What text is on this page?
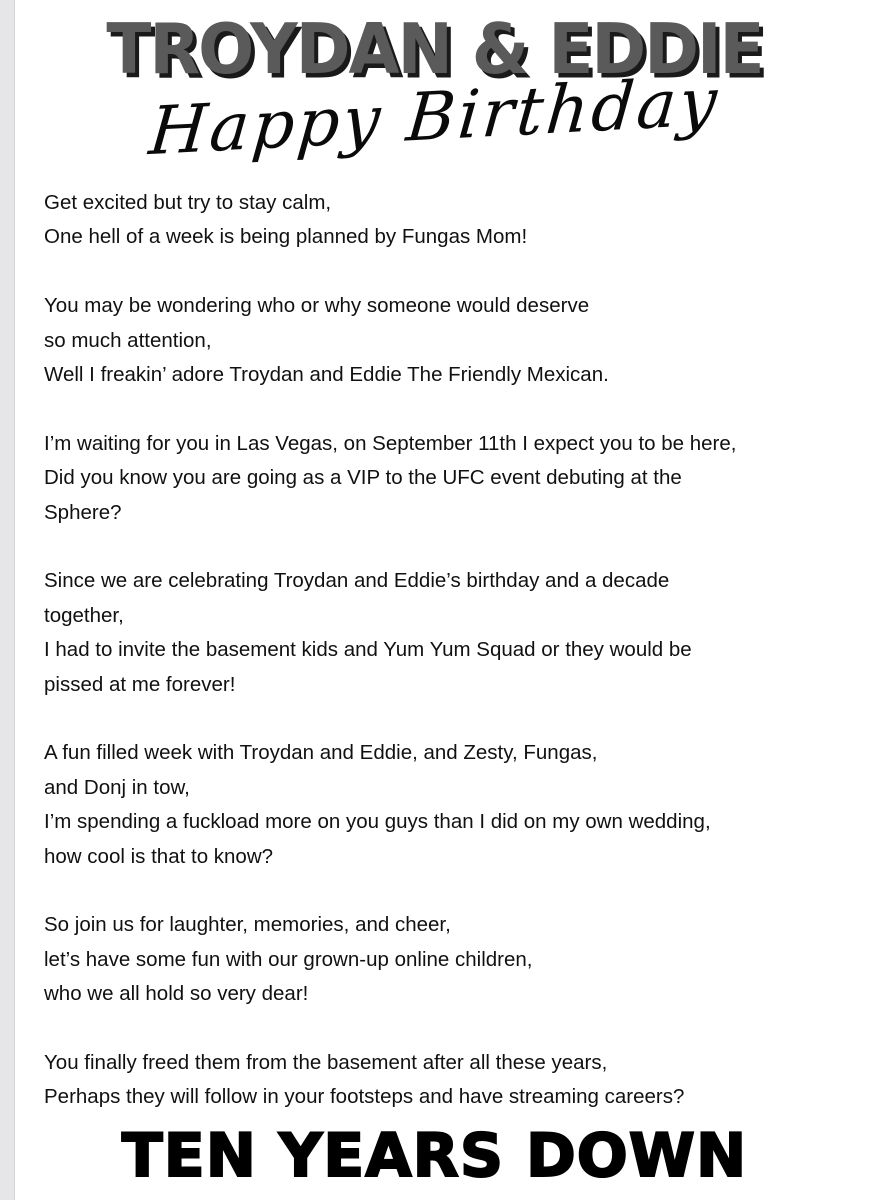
TROYDAN & EDDIE
Happy Birthday
Get excited but try to stay calm,
One hell of a week is being planned by Fungas Mom!
You may be wondering who or why someone would deserve
so much attention,
Well I freakin’ adore Troydan and Eddie The Friendly Mexican.
I’m waiting for you in Las Vegas, on September 11th I expect you to be here,
Did you know you are going as a VIP to the UFC event debuting at the
Sphere?
Since we are celebrating Troydan and Eddie’s birthday and a decade
together,
I had to invite the basement kids and Yum Yum Squad or they would be
pissed at me forever!
A fun filled week with Troydan and Eddie, and Zesty, Fungas,
and Donj in tow,
I’m spending a fuckload more on you guys than I did on my own wedding,
how cool is that to know?
So join us for laughter, memories, and cheer,
let’s have some fun with our grown-up online children,
who we all hold so very dear!
You finally freed them from the basement after all these years,
Perhaps they will follow in your footsteps and have streaming careers?
TEN YEARS DOWN
